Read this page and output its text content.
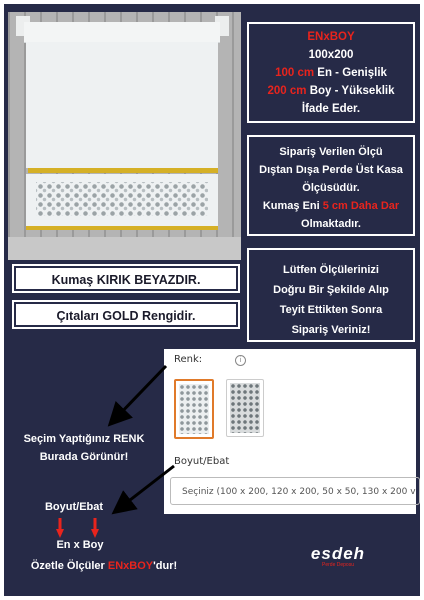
ENxBOY
100x200
100 cm En - Genişlik
200 cm Boy - Yükseklik
İfade Eder.
Sipariş Verilen Ölçü
Dıştan Dışa Perde Üst Kasa
Ölçüsüdür.
Kumaş Eni 5 cm Daha Dar
Olmaktadır.
Lütfen Ölçülerinizi
Doğru Bir Şekilde Alıp
Teyit Ettikten Sonra
Sipariş Veriniz!
Kumaş KIRIK BEYAZDIR.
Çıtaları GOLD Rengidir.
Renk:	i
Boyut/Ebat
Seçiniz (100 x 200, 120 x 200, 50 x 50, 130 x 200 v
Seçim Yaptığınız RENK
Burada Görünür!
Boyut/Ebat
En x Boy
Özetle Ölçüler ENxBOY'dur!
esdeh
Perde Deposu
